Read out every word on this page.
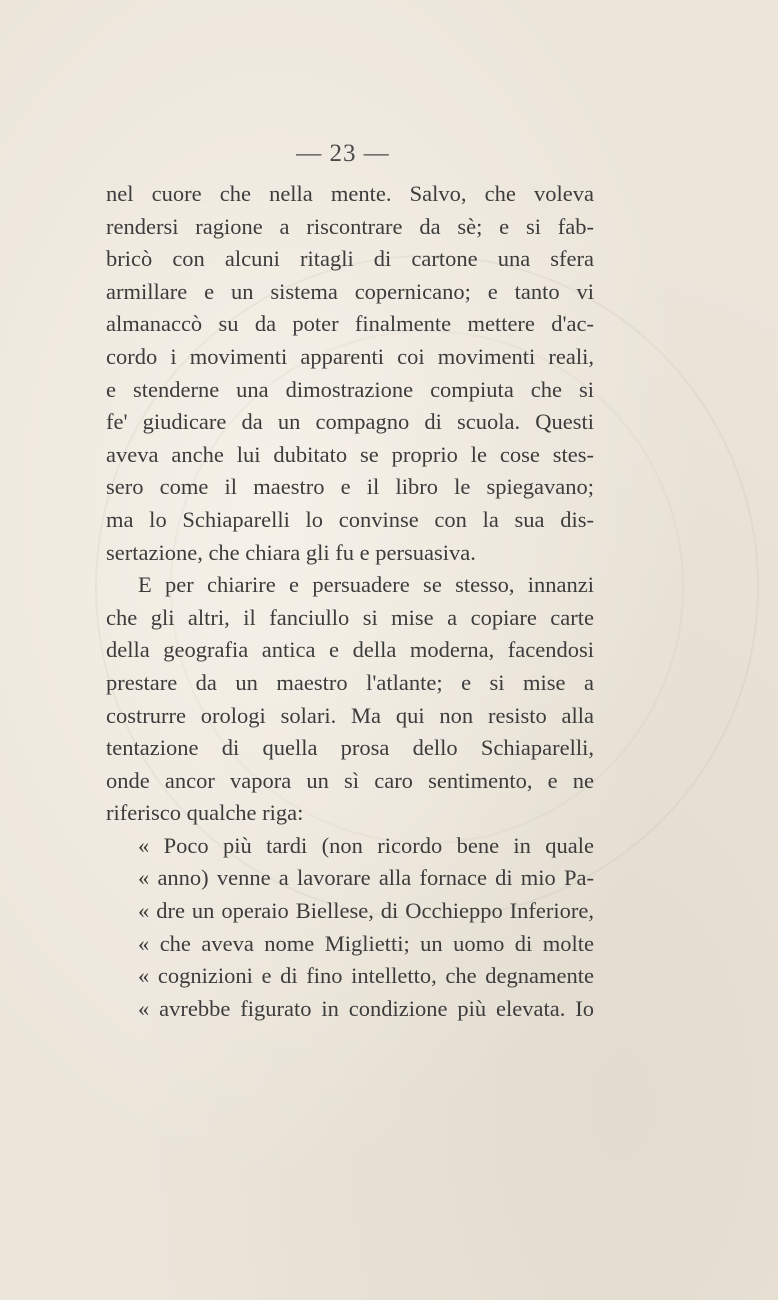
— 23 —
nel cuore che nella mente. Salvo, che voleva
rendersi ragione a riscontrare da sè; e si fab-
bricò con alcuni ritagli di cartone una sfera
armillare e un sistema copernicano; e tanto vi
almanaccò su da poter finalmente mettere d'ac-
cordo i movimenti apparenti coi movimenti reali,
e stenderne una dimostrazione compiuta che si
fe' giudicare da un compagno di scuola. Questi
aveva anche lui dubitato se proprio le cose stes-
sero come il maestro e il libro le spiegavano;
ma lo Schiaparelli lo convinse con la sua dis-
sertazione, che chiara gli fu e persuasiva.
E per chiarire e persuadere se stesso, innanzi
che gli altri, il fanciullo si mise a copiare carte
della geografia antica e della moderna, facendosi
prestare da un maestro l'atlante; e si mise a
costrurre orologi solari. Ma qui non resisto alla
tentazione di quella prosa dello Schiaparelli,
onde ancor vapora un sì caro sentimento, e ne
riferisco qualche riga:
« Poco più tardi (non ricordo bene in quale
« anno) venne a lavorare alla fornace di mio Pa-
« dre un operaio Biellese, di Occhieppo Inferiore,
« che aveva nome Miglietti; un uomo di molte
« cognizioni e di fino intelletto, che degnamente
« avrebbe figurato in condizione più elevata. Io
